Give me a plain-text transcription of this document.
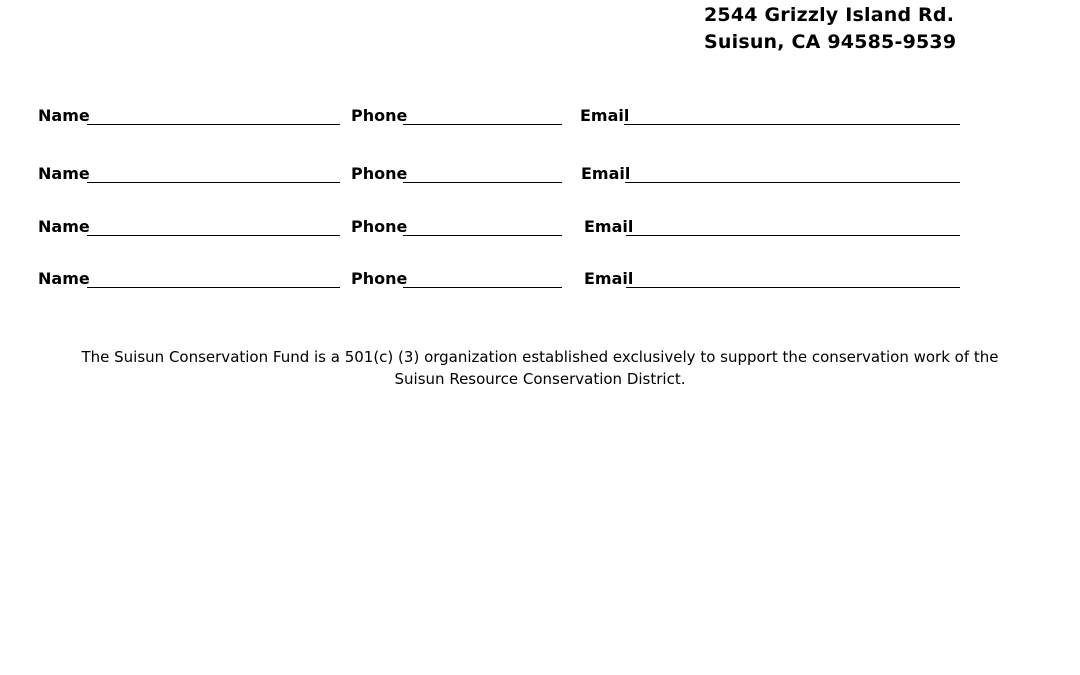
2544 Grizzly Island Rd.
Suisun, CA 94585-9539
Name	Phone	Email
Name	Phone	Email
Name	Phone	Email
Name	Phone	Email
The Suisun Conservation Fund is a 501(c) (3) organization established exclusively to support the conservation work of the
Suisun Resource Conservation District.
